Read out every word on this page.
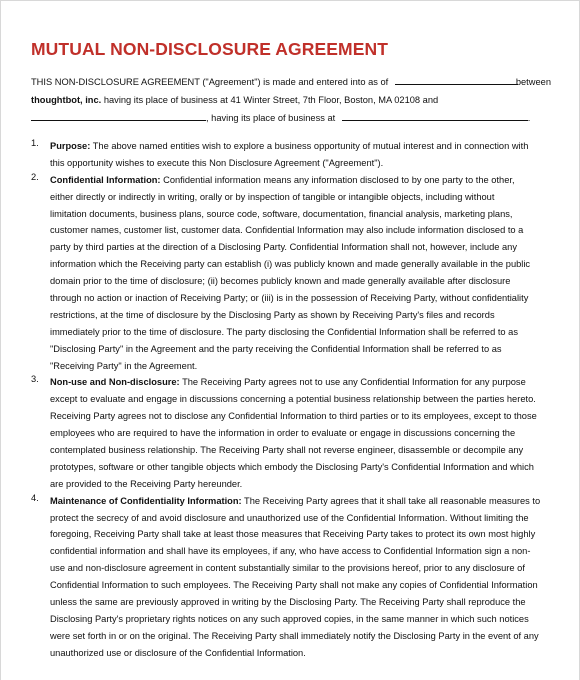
MUTUAL NON-DISCLOSURE AGREEMENT
THIS NON-DISCLOSURE AGREEMENT ("Agreement") is made and entered into as of	between
thoughtbot, inc. having its place of business at 41 Winter Street, 7th Floor, Boston, MA 02108 and
, having its place of business at	.
1. Purpose: The above named entities wish to explore a business opportunity of mutual interest and in connection with
this opportunity wishes to execute this Non Disclosure Agreement ("Agreement").
2. Confidential Information: Confidential information means any information disclosed to by one party to the other,
either directly or indirectly in writing, orally or by inspection of tangible or intangible objects, including without
limitation documents, business plans, source code, software, documentation, financial analysis, marketing plans,
customer names, customer list, customer data. Confidential Information may also include information disclosed to a
party by third parties at the direction of a Disclosing Party. Confidential Information shall not, however, include any
information which the Receiving party can establish (i) was publicly known and made generally available in the public
domain prior to the time of disclosure; (ii) becomes publicly known and made generally available after disclosure
through no action or inaction of Receiving Party; or (iii) is in the possession of Receiving Party, without confidentiality
restrictions, at the time of disclosure by the Disclosing Party as shown by Receiving Party's files and records
immediately prior to the time of disclosure. The party disclosing the Confidential Information shall be referred to as
"Disclosing Party" in the Agreement and the party receiving the Confidential Information shall be referred to as
"Receiving Party" in the Agreement.
3. Non-use and Non-disclosure: The Receiving Party agrees not to use any Confidential Information for any purpose
except to evaluate and engage in discussions concerning a potential business relationship between the parties hereto.
Receiving Party agrees not to disclose any Confidential Information to third parties or to its employees, except to those
employees who are required to have the information in order to evaluate or engage in discussions concerning the
contemplated business relationship. The Receiving Party shall not reverse engineer, disassemble or decompile any
prototypes, software or other tangible objects which embody the Disclosing Party's Confidential Information and which
are provided to the Receiving Party hereunder.
4. Maintenance of Confidentiality Information: The Receiving Party agrees that it shall take all reasonable measures to
protect the secrecy of and avoid disclosure and unauthorized use of the Confidential Information. Without limiting the
foregoing, Receiving Party shall take at least those measures that Receiving Party takes to protect its own most highly
confidential information and shall have its employees, if any, who have access to Confidential Information sign a non-
use and non-disclosure agreement in content substantially similar to the provisions hereof, prior to any disclosure of
Confidential Information to such employees. The Receiving Party shall not make any copies of Confidential Information
unless the same are previously approved in writing by the Disclosing Party. The Receiving Party shall reproduce the
Disclosing Party's proprietary rights notices on any such approved copies, in the same manner in which such notices
were set forth in or on the original. The Receiving Party shall immediately notify the Disclosing Party in the event of any
unauthorized use or disclosure of the Confidential Information.
